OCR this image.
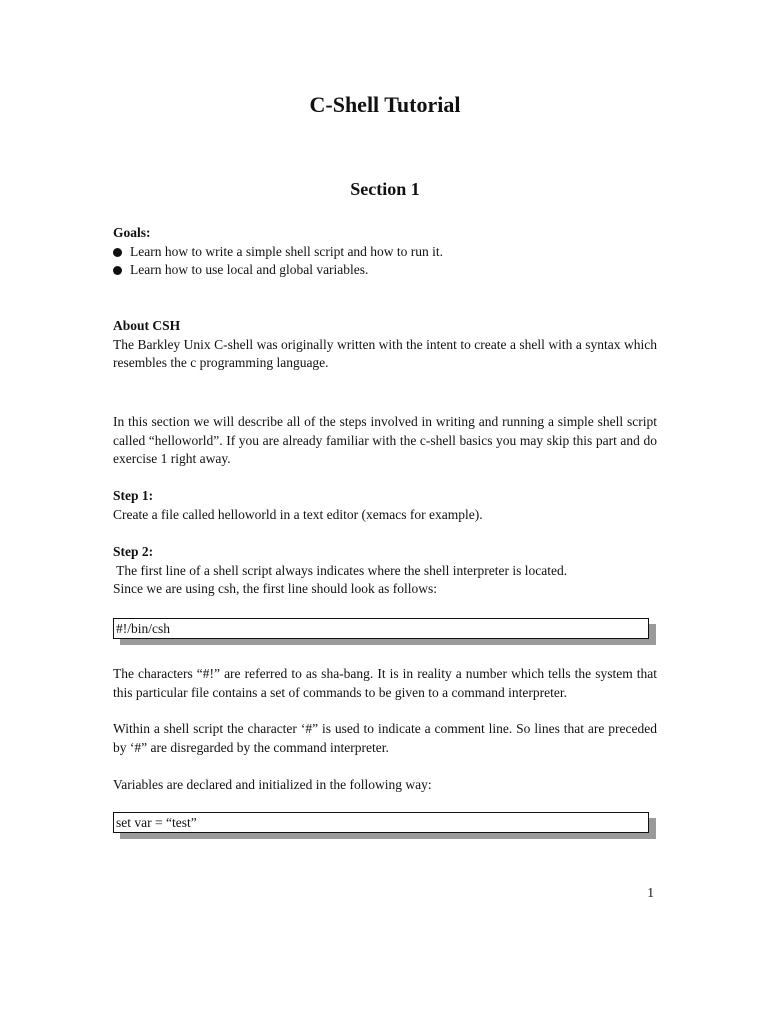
C-Shell Tutorial
Section 1
Goals:
Learn how to write a simple shell script and how to run it.
Learn how to use local and global variables.
About CSH
The Barkley Unix C-shell was originally written with the intent to create a shell with a syntax which resembles the c programming language.
In this section we will describe all of the steps involved in writing and running a simple shell script called “helloworld”. If you are already familiar with the c-shell basics you may skip this part and do exercise 1 right away.
Step 1:
Create a file called helloworld in a text editor (xemacs for example).
Step 2:
The first line of a shell script always indicates where the shell interpreter is located.
Since we are using csh, the first line should look as follows:
#!/bin/csh
The characters “#!” are referred to as sha-bang. It is in reality a number which tells the system that this particular file contains a set of commands to be given to a command interpreter.
Within a shell script the character ‘#” is used to indicate a comment line. So lines that are preceded by ‘#” are disregarded by the command interpreter.
Variables are declared and initialized in the following way:
set var = “test”
1
